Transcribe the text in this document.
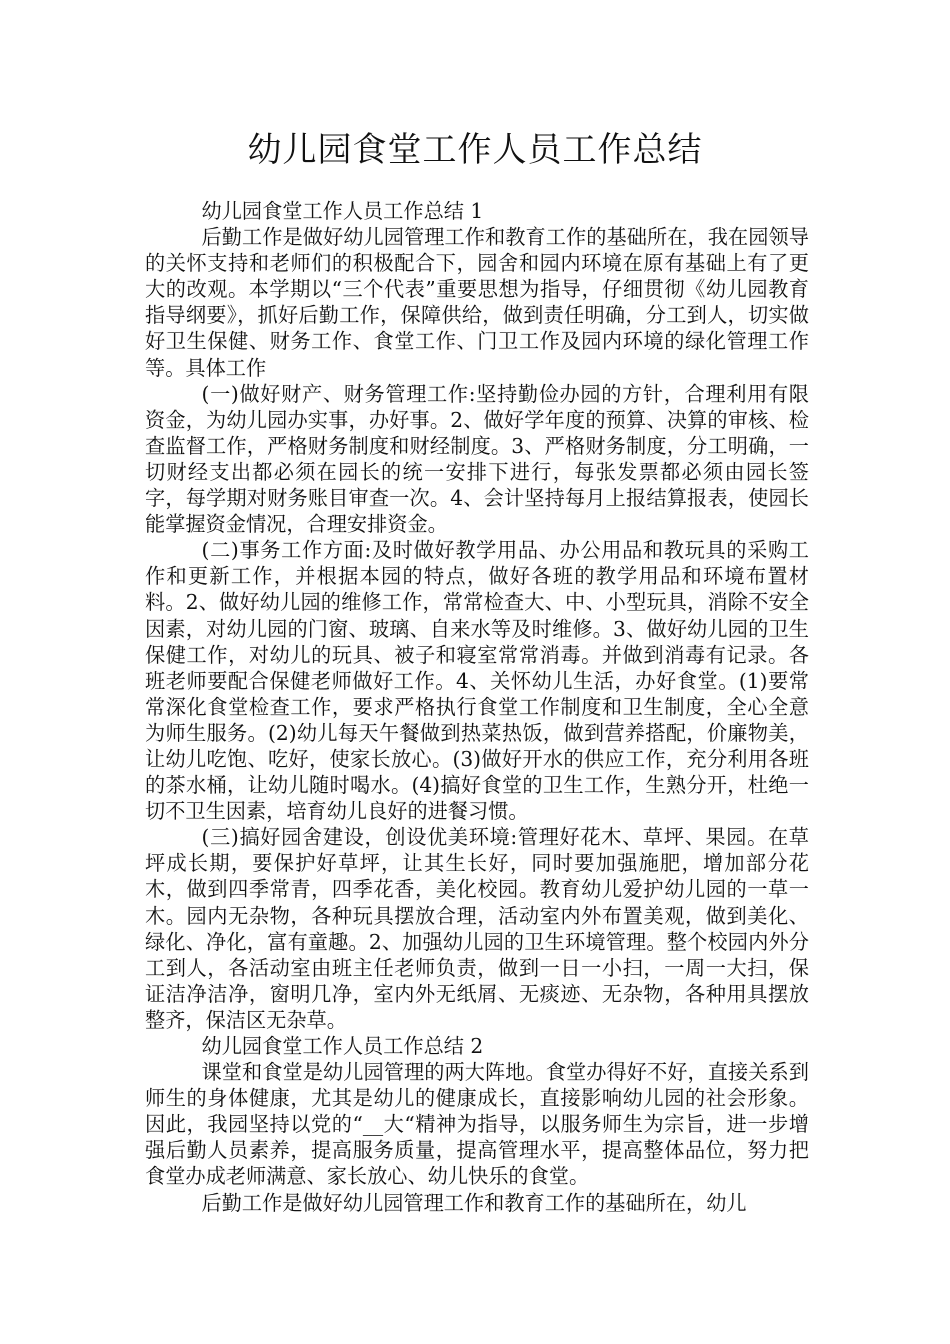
幼儿园食堂工作人员工作总结

幼儿园食堂工作人员工作总结 1

后勤工作是做好幼儿园管理工作和教育工作的基础所在，我在园领导的关怀支持和老师们的积极配合下，园舍和园内环境在原有基础上有了更大的改观。本学期以“三个代表”重要思想为指导，仔细贯彻《幼儿园教育指导纲要》，抓好后勤工作，保障供给，做到责任明确，分工到人，切实做好卫生保健、财务工作、食堂工作、门卫工作及园内环境的绿化管理工作等。具体工作

(一)做好财产、财务管理工作:坚持勤俭办园的方针，合理利用有限资金，为幼儿园办实事，办好事。2、做好学年度的预算、决算的审核、检查监督工作，严格财务制度和财经制度。3、严格财务制度，分工明确，一切财经支出都必须在园长的统一安排下进行，每张发票都必须由园长签字，每学期对财务账目审查一次。4、会计坚持每月上报结算报表，使园长能掌握资金情况，合理安排资金。

(二)事务工作方面:及时做好教学用品、办公用品和教玩具的采购工作和更新工作，并根据本园的特点，做好各班的教学用品和环境布置材料。2、做好幼儿园的维修工作，常常检查大、中、小型玩具，消除不安全因素，对幼儿园的门窗、玻璃、自来水等及时维修。3、做好幼儿园的卫生保健工作，对幼儿的玩具、被子和寝室常常消毒。并做到消毒有记录。各班老师要配合保健老师做好工作。4、关怀幼儿生活，办好食堂。(1)要常常深化食堂检查工作，要求严格执行食堂工作制度和卫生制度，全心全意为师生服务。(2)幼儿每天午餐做到热菜热饭，做到营养搭配，价廉物美，让幼儿吃饱、吃好，使家长放心。(3)做好开水的供应工作，充分利用各班的茶水桶，让幼儿随时喝水。(4)搞好食堂的卫生工作，生熟分开，杜绝一切不卫生因素，培育幼儿良好的进餐习惯。

(三)搞好园舍建设，创设优美环境:管理好花木、草坪、果园。在草坪成长期，要保护好草坪，让其生长好，同时要加强施肥，增加部分花木，做到四季常青，四季花香，美化校园。教育幼儿爱护幼儿园的一草一木。园内无杂物，各种玩具摆放合理，活动室内外布置美观，做到美化、绿化、净化，富有童趣。2、加强幼儿园的卫生环境管理。整个校园内外分工到人，各活动室由班主任老师负责，做到一日一小扫，一周一大扫，保证洁净洁净，窗明几净，室内外无纸屑、无痰迹、无杂物，各种用具摆放整齐，保洁区无杂草。

幼儿园食堂工作人员工作总结 2

课堂和食堂是幼儿园管理的两大阵地。食堂办得好不好，直接关系到师生的身体健康，尤其是幼儿的健康成长，直接影响幼儿园的社会形象。因此，我园坚持以党的“__大“精神为指导，以服务师生为宗旨，进一步增强后勤人员素养，提高服务质量，提高管理水平，提高整体品位，努力把食堂办成老师满意、家长放心、幼儿快乐的食堂。

后勤工作是做好幼儿园管理工作和教育工作的基础所在，幼儿
